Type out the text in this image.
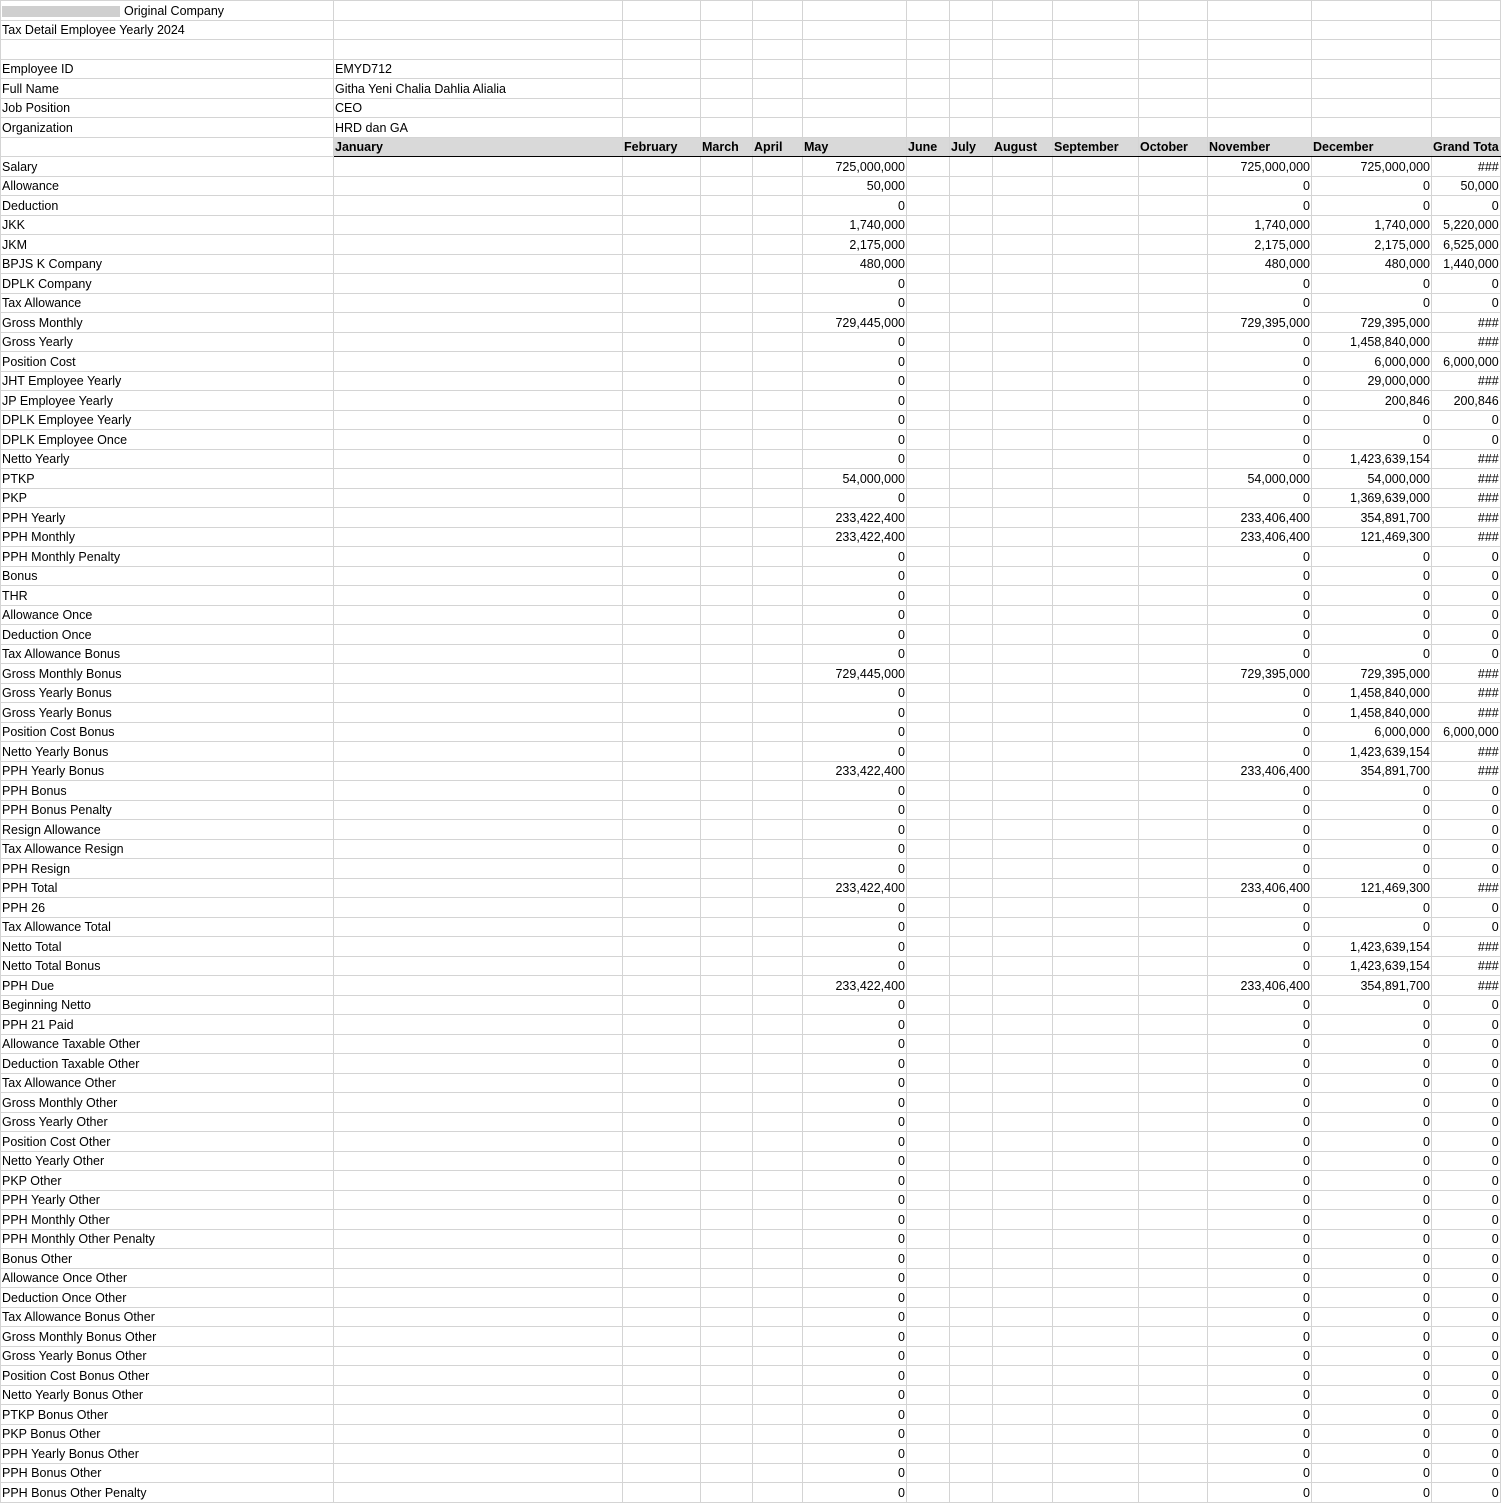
Original Company													
Tax Detail Employee Yearly 2024													

Employee ID	EMYD712												
Full Name	Githa Yeni Chalia Dahlia Alialia												
Job Position	CEO												
Organization	HRD dan GA												
	January	February	March	April	May	June	July	August	September	October	November	December	Grand Tota
Salary					725,000,000						725,000,000	725,000,000	###
Allowance					50,000						0	0	50,000
Deduction					0						0	0	0
JKK					1,740,000						1,740,000	1,740,000	5,220,000
JKM					2,175,000						2,175,000	2,175,000	6,525,000
BPJS K Company					480,000						480,000	480,000	1,440,000
DPLK Company					0						0	0	0
Tax Allowance					0						0	0	0
Gross Monthly					729,445,000						729,395,000	729,395,000	###
Gross Yearly					0						0	1,458,840,000	###
Position Cost					0						0	6,000,000	6,000,000
JHT Employee Yearly					0						0	29,000,000	###
JP Employee Yearly					0						0	200,846	200,846
DPLK Employee Yearly					0						0	0	0
DPLK Employee Once					0						0	0	0
Netto Yearly					0						0	1,423,639,154	###
PTKP					54,000,000						54,000,000	54,000,000	###
PKP					0						0	1,369,639,000	###
PPH Yearly					233,422,400						233,406,400	354,891,700	###
PPH Monthly					233,422,400						233,406,400	121,469,300	###
PPH Monthly Penalty					0						0	0	0
Bonus					0						0	0	0
THR					0						0	0	0
Allowance Once					0						0	0	0
Deduction Once					0						0	0	0
Tax Allowance Bonus					0						0	0	0
Gross Monthly Bonus					729,445,000						729,395,000	729,395,000	###
Gross Yearly Bonus					0						0	1,458,840,000	###
Gross Yearly Bonus					0						0	1,458,840,000	###
Position Cost Bonus					0						0	6,000,000	6,000,000
Netto Yearly Bonus					0						0	1,423,639,154	###
PPH Yearly Bonus					233,422,400						233,406,400	354,891,700	###
PPH Bonus					0						0	0	0
PPH Bonus Penalty					0						0	0	0
Resign Allowance					0						0	0	0
Tax Allowance Resign					0						0	0	0
PPH Resign					0						0	0	0
PPH Total					233,422,400						233,406,400	121,469,300	###
PPH 26					0						0	0	0
Tax Allowance Total					0						0	0	0
Netto Total					0						0	1,423,639,154	###
Netto Total Bonus					0						0	1,423,639,154	###
PPH Due					233,422,400						233,406,400	354,891,700	###
Beginning Netto					0						0	0	0
PPH 21 Paid					0						0	0	0
Allowance Taxable Other					0						0	0	0
Deduction Taxable Other					0						0	0	0
Tax Allowance Other					0						0	0	0
Gross Monthly Other					0						0	0	0
Gross Yearly Other					0						0	0	0
Position Cost Other					0						0	0	0
Netto Yearly Other					0						0	0	0
PKP Other					0						0	0	0
PPH Yearly Other					0						0	0	0
PPH Monthly Other					0						0	0	0
PPH Monthly Other Penalty					0						0	0	0
Bonus Other					0						0	0	0
Allowance Once Other					0						0	0	0
Deduction Once Other					0						0	0	0
Tax Allowance Bonus Other					0						0	0	0
Gross Monthly Bonus Other					0						0	0	0
Gross Yearly Bonus Other					0						0	0	0
Position Cost Bonus Other					0						0	0	0
Netto Yearly Bonus Other					0						0	0	0
PTKP Bonus Other					0						0	0	0
PKP Bonus Other					0						0	0	0
PPH Yearly Bonus Other					0						0	0	0
PPH Bonus Other					0						0	0	0
PPH Bonus Other Penalty					0						0	0	0
